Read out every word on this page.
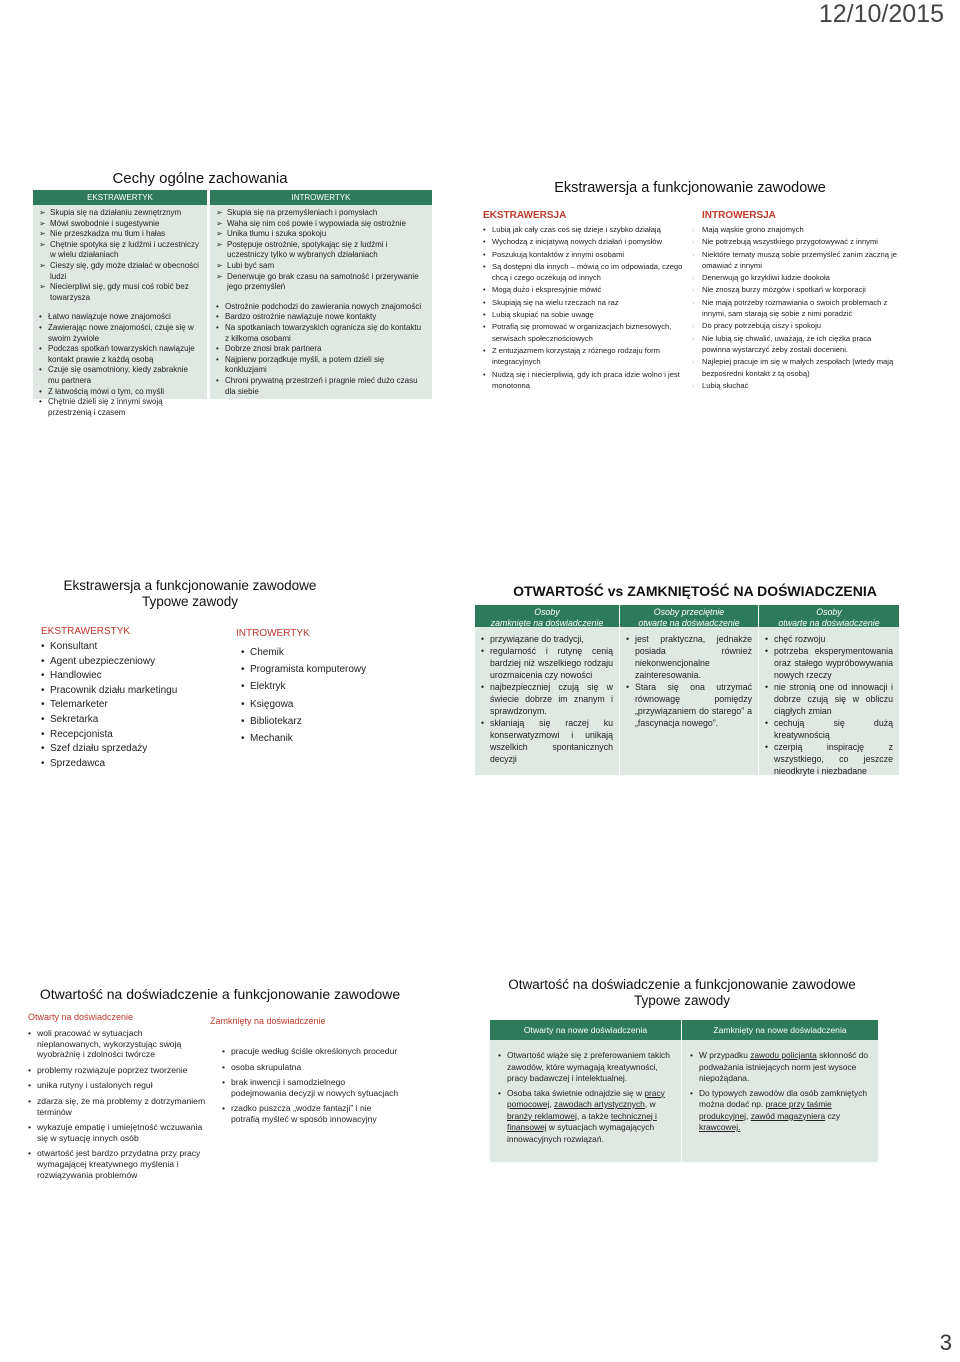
12/10/2015
3
Cechy ogólne zachowania
EKSTRAWERTYK
➢ Skupia się na działaniu zewnętrznym
➢ Mówi swobodnie i sugestywnie
➢ Nie przeszkadza mu tłum i hałas
➢ Chętnie spotyka się z ludźmi i uczestniczy w wielu działaniach
➢ Cieszy się, gdy może działać w obecności ludzi
➢ Niecierpliwi się, gdy musi coś robić bez towarzysza
• Łatwo nawiązuje nowe znajomości
• Zawierając nowe znajomości, czuje się w swoim żywiole
• Podczas spotkań towarzyskich nawiązuje kontakt prawie z każdą osobą
• Czuje się osamotniony, kiedy zabraknie mu partnera
• Z łatwością mówi o tym, co myśli
• Chętnie dzieli się z innymi swoją przestrzenią i czasem
INTROWERTYK
➢ Skupia się na przemyśleniach i pomysłach
➢ Waha się nim coś powie i wypowiada się ostrożnie
➢ Unika tłumu i szuka spokoju
➢ Postępuje ostrożnie, spotykając się z ludźmi i uczestniczy tylko w wybranych działaniach
➢ Lubi być sam
➢ Denerwuje go brak czasu na samotność i przerywanie jego przemyśleń
• Ostrożnie podchodzi do zawierania nowych znajomości
• Bardzo ostrożnie nawiązuje nowe kontakty
• Na spotkaniach towarzyskich ogranicza się do kontaktu z kilkoma osobami
• Dobrze znosi brak partnera
• Najpierw porządkuje myśli, a potem dzieli się konkluzjami
• Chroni prywatną przestrzeń i pragnie mieć dużo czasu dla siebie
Ekstrawersja a funkcjonowanie zawodowe
EKSTRAWERSJA
• Lubią jak cały czas coś się dzieje i szybko działają
• Wychodzą z inicjatywą nowych działań i pomysłów
• Poszukują kontaktów z innymi osobami
• Są dostępni dla innych – mówią co im odpowiada, czego chcą i czego oczekują od innych
• Mogą dużo i ekspresyjnie mówić
• Skupiają się na wielu rzeczach na raz
• Lubią skupiać na sobie uwagę
• Potrafią się promować w organizacjach biznesowych, serwisach społecznościowych
• Z entuzjazmem korzystają z różnego rodzaju form integracyjnych
• Nudzą się i niecierpliwią, gdy ich praca idzie wolno i jest monotonna
INTROWERSJA
› Mają wąskie grono znajomych
› Nie potrzebują wszystkiego przygotowywać z innymi
› Niektóre tematy muszą sobie przemyśleć zanim zaczną je omawiać z innymi
› Denerwują go krzykliwi ludzie dookoła
› Nie znoszą burzy mózgów i spotkań w korporacji
› Nie mają potrzeby rozmawiania o swoich problemach z innymi, sam starają się sobie z nimi poradzić
› Do pracy potrzebują ciszy i spokoju
› Nie lubią się chwalić, uważają, że ich ciężka praca powinna wystarczyć żeby zostali docenieni.
› Najlepiej pracuje im się w małych zespołach (wtedy mają bezpośredni kontakt z tą osobą)
› Lubią słuchać
Ekstrawersja a funkcjonowanie zawodowe
Typowe zawody
EKSTRAWERSTYK
• Konsultant
• Agent ubezpieczeniowy
• Handlowiec
• Pracownik działu marketingu
• Telemarketer
• Sekretarka
• Recepcjonista
• Szef działu sprzedaży
• Sprzedawca
INTROWERTYK
• Chemik
• Programista komputerowy
• Elektryk
• Księgowa
• Bibliotekarz
• Mechanik
OTWARTOŚĆ vs ZAMKNIĘTOŚĆ NA DOŚWIADCZENIA
Osoby
zamknięte na doświadczenie
• przywiązane do tradycji,
• regularność i rutynę cenią bardziej niż wszelkiego rodzaju urozmaicenia czy nowości
• najbezpieczniej czują się w świecie dobrze im znanym i sprawdzonym.
• skłaniają się raczej ku konserwatyzmowi i unikają wszelkich spontanicznych decyzji
Osoby przeciętnie
otwarte na doświadczenie
• jest praktyczna, jednakże posiada również niekonwencjonalne zainteresowania.
• Stara się ona utrzymać równowagę pomiędzy „przywiązaniem do starego” a „fascynacja nowego”.
Osoby
otwarte na doświadczenie
• chęć rozwoju
• potrzeba eksperymentowania oraz stałego wypróbowywania nowych rzeczy
• nie stronią one od innowacji i dobrze czują się w obliczu ciągłych zmian
• cechują się dużą kreatywnością
• czerpią inspirację z wszystkiego, co jeszcze nieodkryte i niezbadane
Otwartość na doświadczenie a funkcjonowanie zawodowe
Otwarty na doświadczenie
• woli pracować w sytuacjach nieplanowanych, wykorzystując swoją wyobraźnię i zdolności twórcze
• problemy rozwiązuje poprzez tworzenie
• unika rutyny i ustalonych reguł
• zdarza się, że ma problemy z dotrzymaniem terminów
• wykazuje empatię i umiejętność wczuwania się w sytuację innych osób
• otwartość jest bardzo przydatna przy pracy wymagającej kreatywnego myślenia i rozwiązywania problemów
Zamknięty na doświadczenie
• pracuje według ściśle określonych procedur
• osoba skrupulatna
• brak inwencji i samodzielnego podejmowania decyzji w nowych sytuacjach
• rzadko puszcza „wodze fantazji” i nie potrafią myśleć w sposób innowacyjny
Otwartość na doświadczenie a funkcjonowanie zawodowe
Typowe zawody
Otwarty na nowe doświadczenia
• Otwartość wiąże się z preferowaniem takich zawodów, które wymagają kreatywności, pracy badawczej i intelektualnej.
• Osoba taka świetnie odnajdzie się w pracy pomocowej, zawodach artystycznych, w branży reklamowej, a także technicznej i finansowej w sytuacjach wymagających innowacyjnych rozwiązań.
Zamknięty na nowe doświadczenia
• W przypadku zawodu policjanta skłonność do podważania istniejących norm jest wysoce niepożądana.
• Do typowych zawodów dla osób zamkniętych można dodać np. prace przy taśmie produkcyjnej, zawód magazyniera czy krawcowej.
